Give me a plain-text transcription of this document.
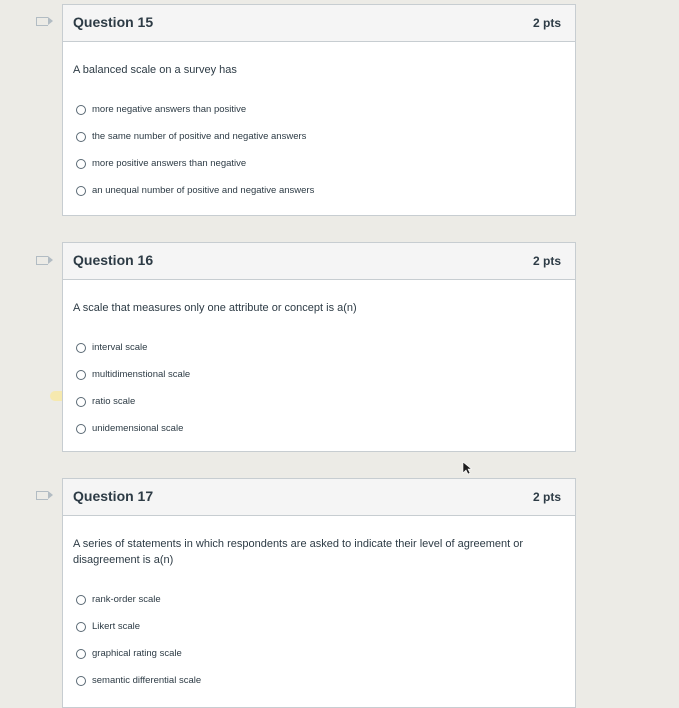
Question 15	2 pts
A balanced scale on a survey has
more negative answers than positive
the same number of positive and negative answers
more positive answers than negative
an unequal number of positive and negative answers
Question 16	2 pts
A scale that measures only one attribute or concept is a(n)
interval scale
multidimenstional scale
ratio scale
unidemensional scale
Question 17	2 pts
A series of statements in which respondents are asked to indicate their level of agreement or disagreement is a(n)
rank-order scale
Likert scale
graphical rating scale
semantic differential scale
